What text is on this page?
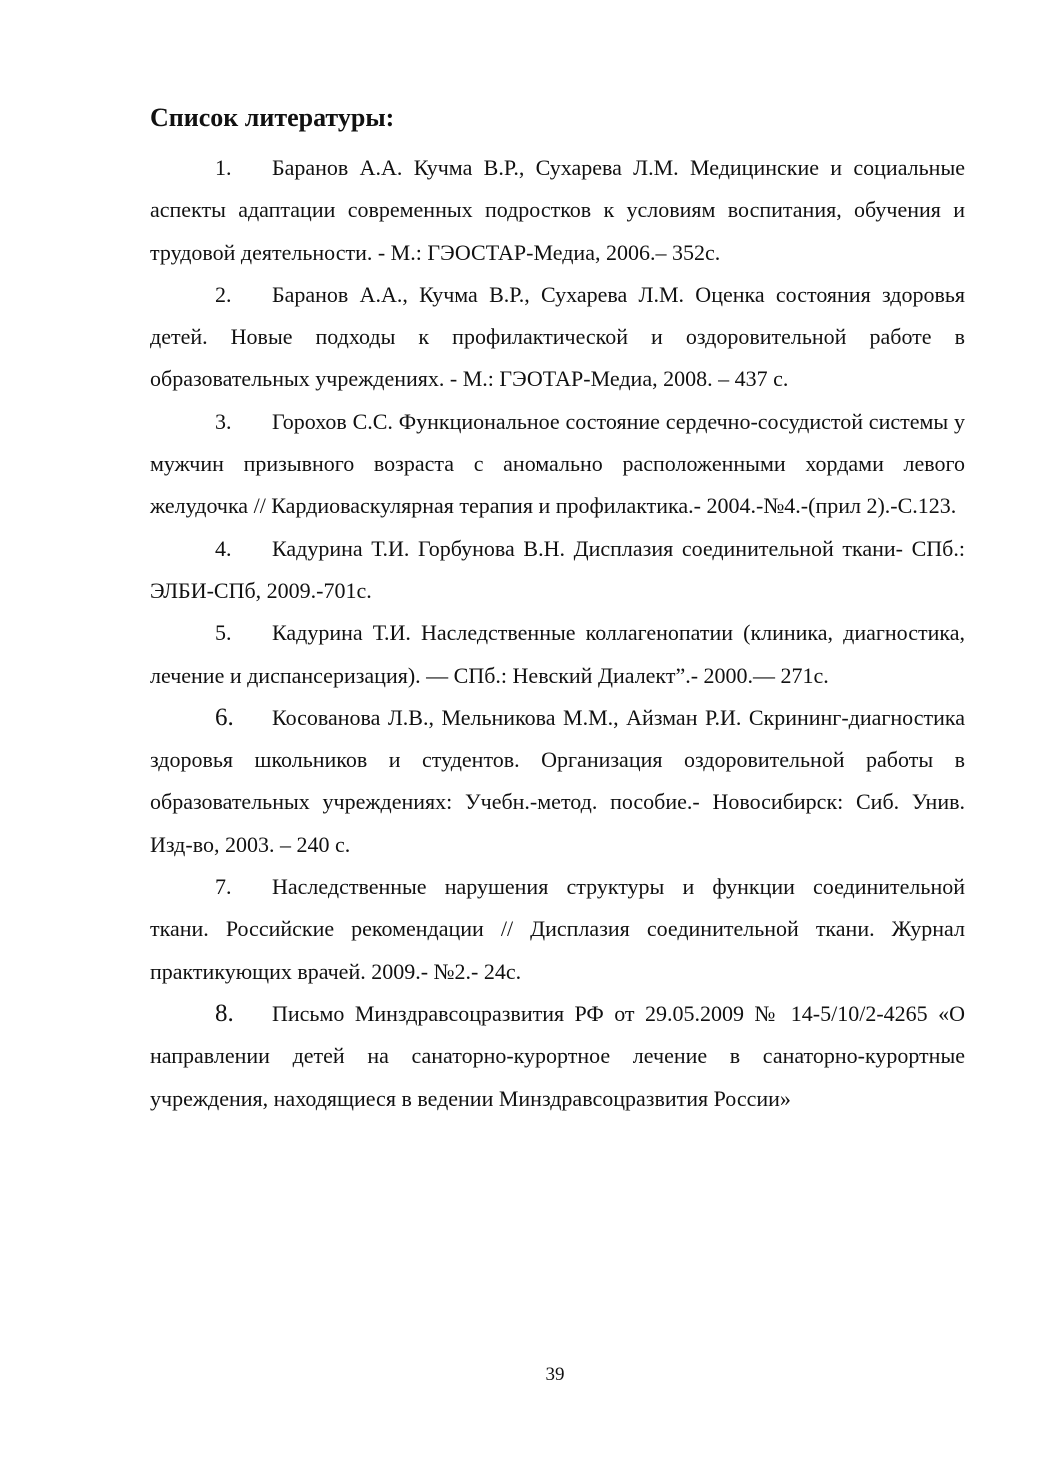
Список литературы:

1. Баранов А.А. Кучма В.Р., Сухарева Л.М. Медицинские и социальные аспекты адаптации современных подростков к условиям воспитания, обучения и трудовой деятельности. - М.: ГЭОСТАР-Медиа, 2006.– 352с.

2. Баранов А.А., Кучма В.Р., Сухарева Л.М. Оценка состояния здоровья детей. Новые подходы к профилактической и оздоровительной работе в образовательных учреждениях. - М.: ГЭОТАР-Медиа, 2008. – 437 с.

3. Горохов С.С. Функциональное состояние сердечно-сосудистой системы у мужчин призывного возраста с аномально расположенными хордами левого желудочка // Кардиоваскулярная терапия и профилактика.- 2004.-№4.-(прил 2).-С.123.

4. Кадурина Т.И. Горбунова В.Н. Дисплазия соединительной ткани- СПб.: ЭЛБИ-СПб, 2009.-701с.

5. Кадурина Т.И. Наследственные коллагенопатии (клиника, диагностика, лечение и диспансеризация). — СПб.: Невский Диалект”.- 2000.— 271с.

6. Косованова Л.В., Мельникова М.М., Айзман Р.И. Скрининг-диагностика здоровья школьников и студентов. Организация оздоровительной работы в образовательных учреждениях: Учебн.-метод. пособие.- Новосибирск: Сиб. Унив. Изд-во, 2003. – 240 с.

7. Наследственные нарушения структуры и функции соединительной ткани. Российские рекомендации // Дисплазия соединительной ткани. Журнал практикующих врачей. 2009.- №2.- 24с.

8. Письмо Минздравсоцразвития РФ от 29.05.2009 № 14-5/10/2-4265 «О направлении детей на санаторно-курортное лечение в санаторно-курортные учреждения, находящиеся в ведении Минздравсоцразвития России»

39
